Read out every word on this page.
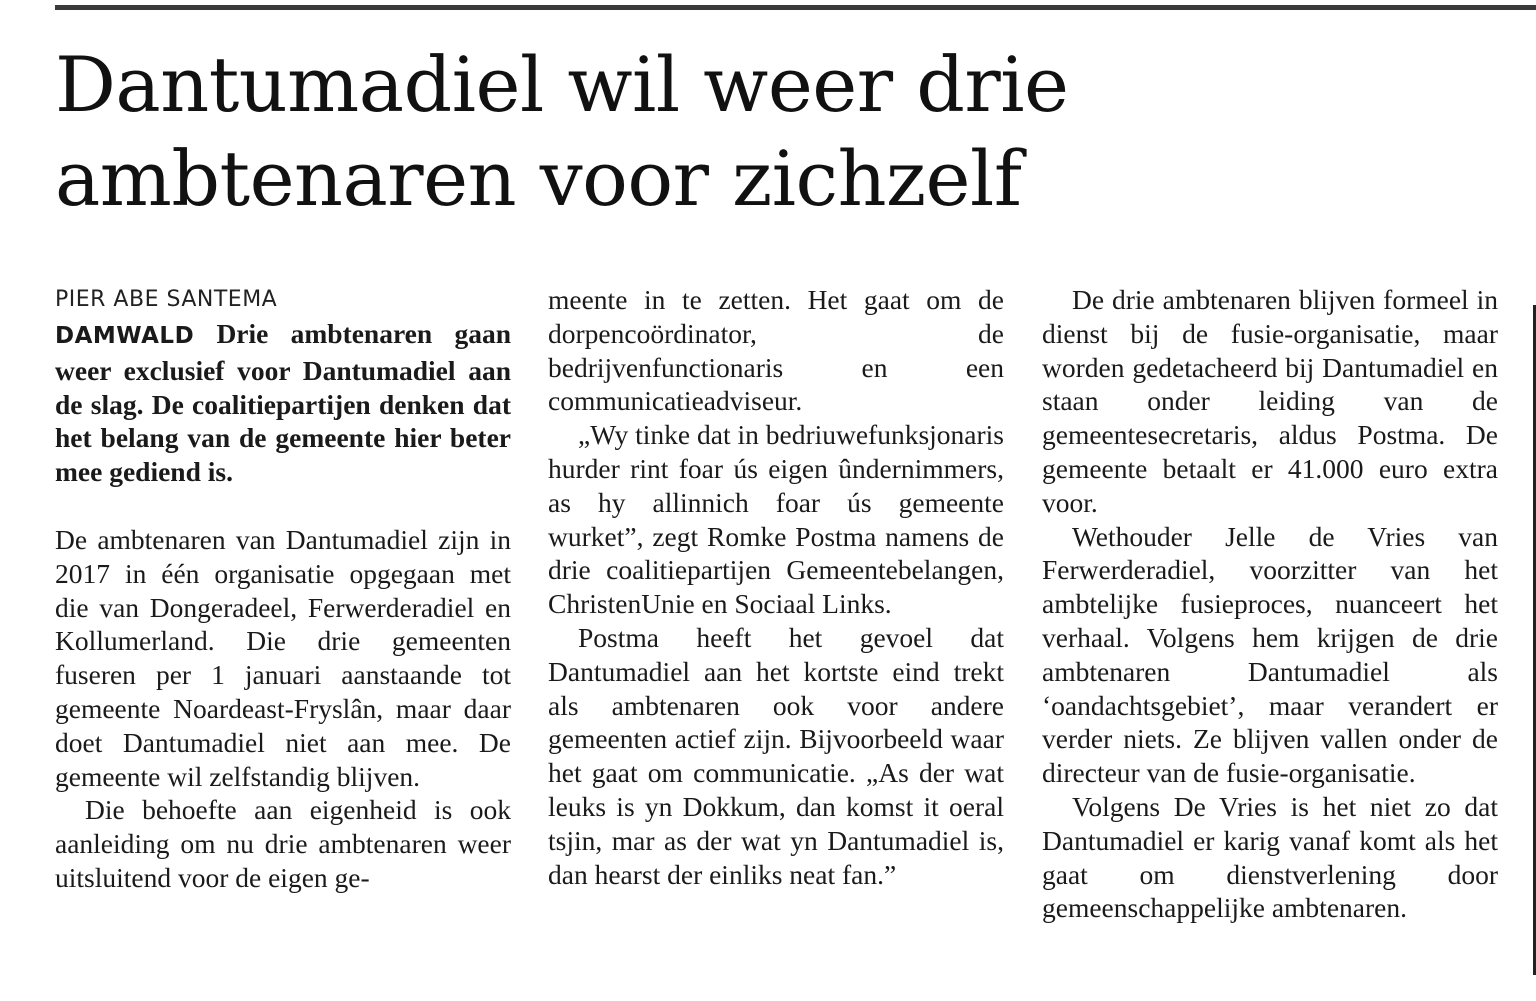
Dantumadiel wil weer drie ambtenaren voor zichzelf

PIER ABE SANTEMA

DAMWALD Drie ambtenaren gaan weer exclusief voor Dantumadiel aan de slag. De coalitiepartijen denken dat het belang van de gemeente hier beter mee gediend is.

De ambtenaren van Dantumadiel zijn in 2017 in één organisatie opgegaan met die van Dongeradeel, Ferwerderadiel en Kollumerland. Die drie gemeenten fuseren per 1 januari aanstaande tot gemeente Noardeast-Fryslân, maar daar doet Dantumadiel niet aan mee. De gemeente wil zelfstandig blijven.

Die behoefte aan eigenheid is ook aanleiding om nu drie ambtenaren weer uitsluitend voor de eigen ge-

meente in te zetten. Het gaat om de dorpencoördinator, de bedrijvenfunctionaris en een communicatieadviseur.

„Wy tinke dat in bedriuwefunksjonaris hurder rint foar ús eigen ûndernimmers, as hy allinnich foar ús gemeente wurket”, zegt Romke Postma namens de drie coalitiepartijen Gemeentebelangen, ChristenUnie en Sociaal Links.

Postma heeft het gevoel dat Dantumadiel aan het kortste eind trekt als ambtenaren ook voor andere gemeenten actief zijn. Bijvoorbeeld waar het gaat om communicatie. „As der wat leuks is yn Dokkum, dan komst it oeral tsjin, mar as der wat yn Dantumadiel is, dan hearst der einliks neat fan.”

De drie ambtenaren blijven formeel in dienst bij de fusie-organisatie, maar worden gedetacheerd bij Dantumadiel en staan onder leiding van de gemeentesecretaris, aldus Postma. De gemeente betaalt er 41.000 euro extra voor.

Wethouder Jelle de Vries van Ferwerderadiel, voorzitter van het ambtelijke fusieproces, nuanceert het verhaal. Volgens hem krijgen de drie ambtenaren Dantumadiel als ‘oandachtsgebiet’, maar verandert er verder niets. Ze blijven vallen onder de directeur van de fusie-organisatie.

Volgens De Vries is het niet zo dat Dantumadiel er karig vanaf komt als het gaat om dienstverlening door gemeenschappelijke ambtenaren.
